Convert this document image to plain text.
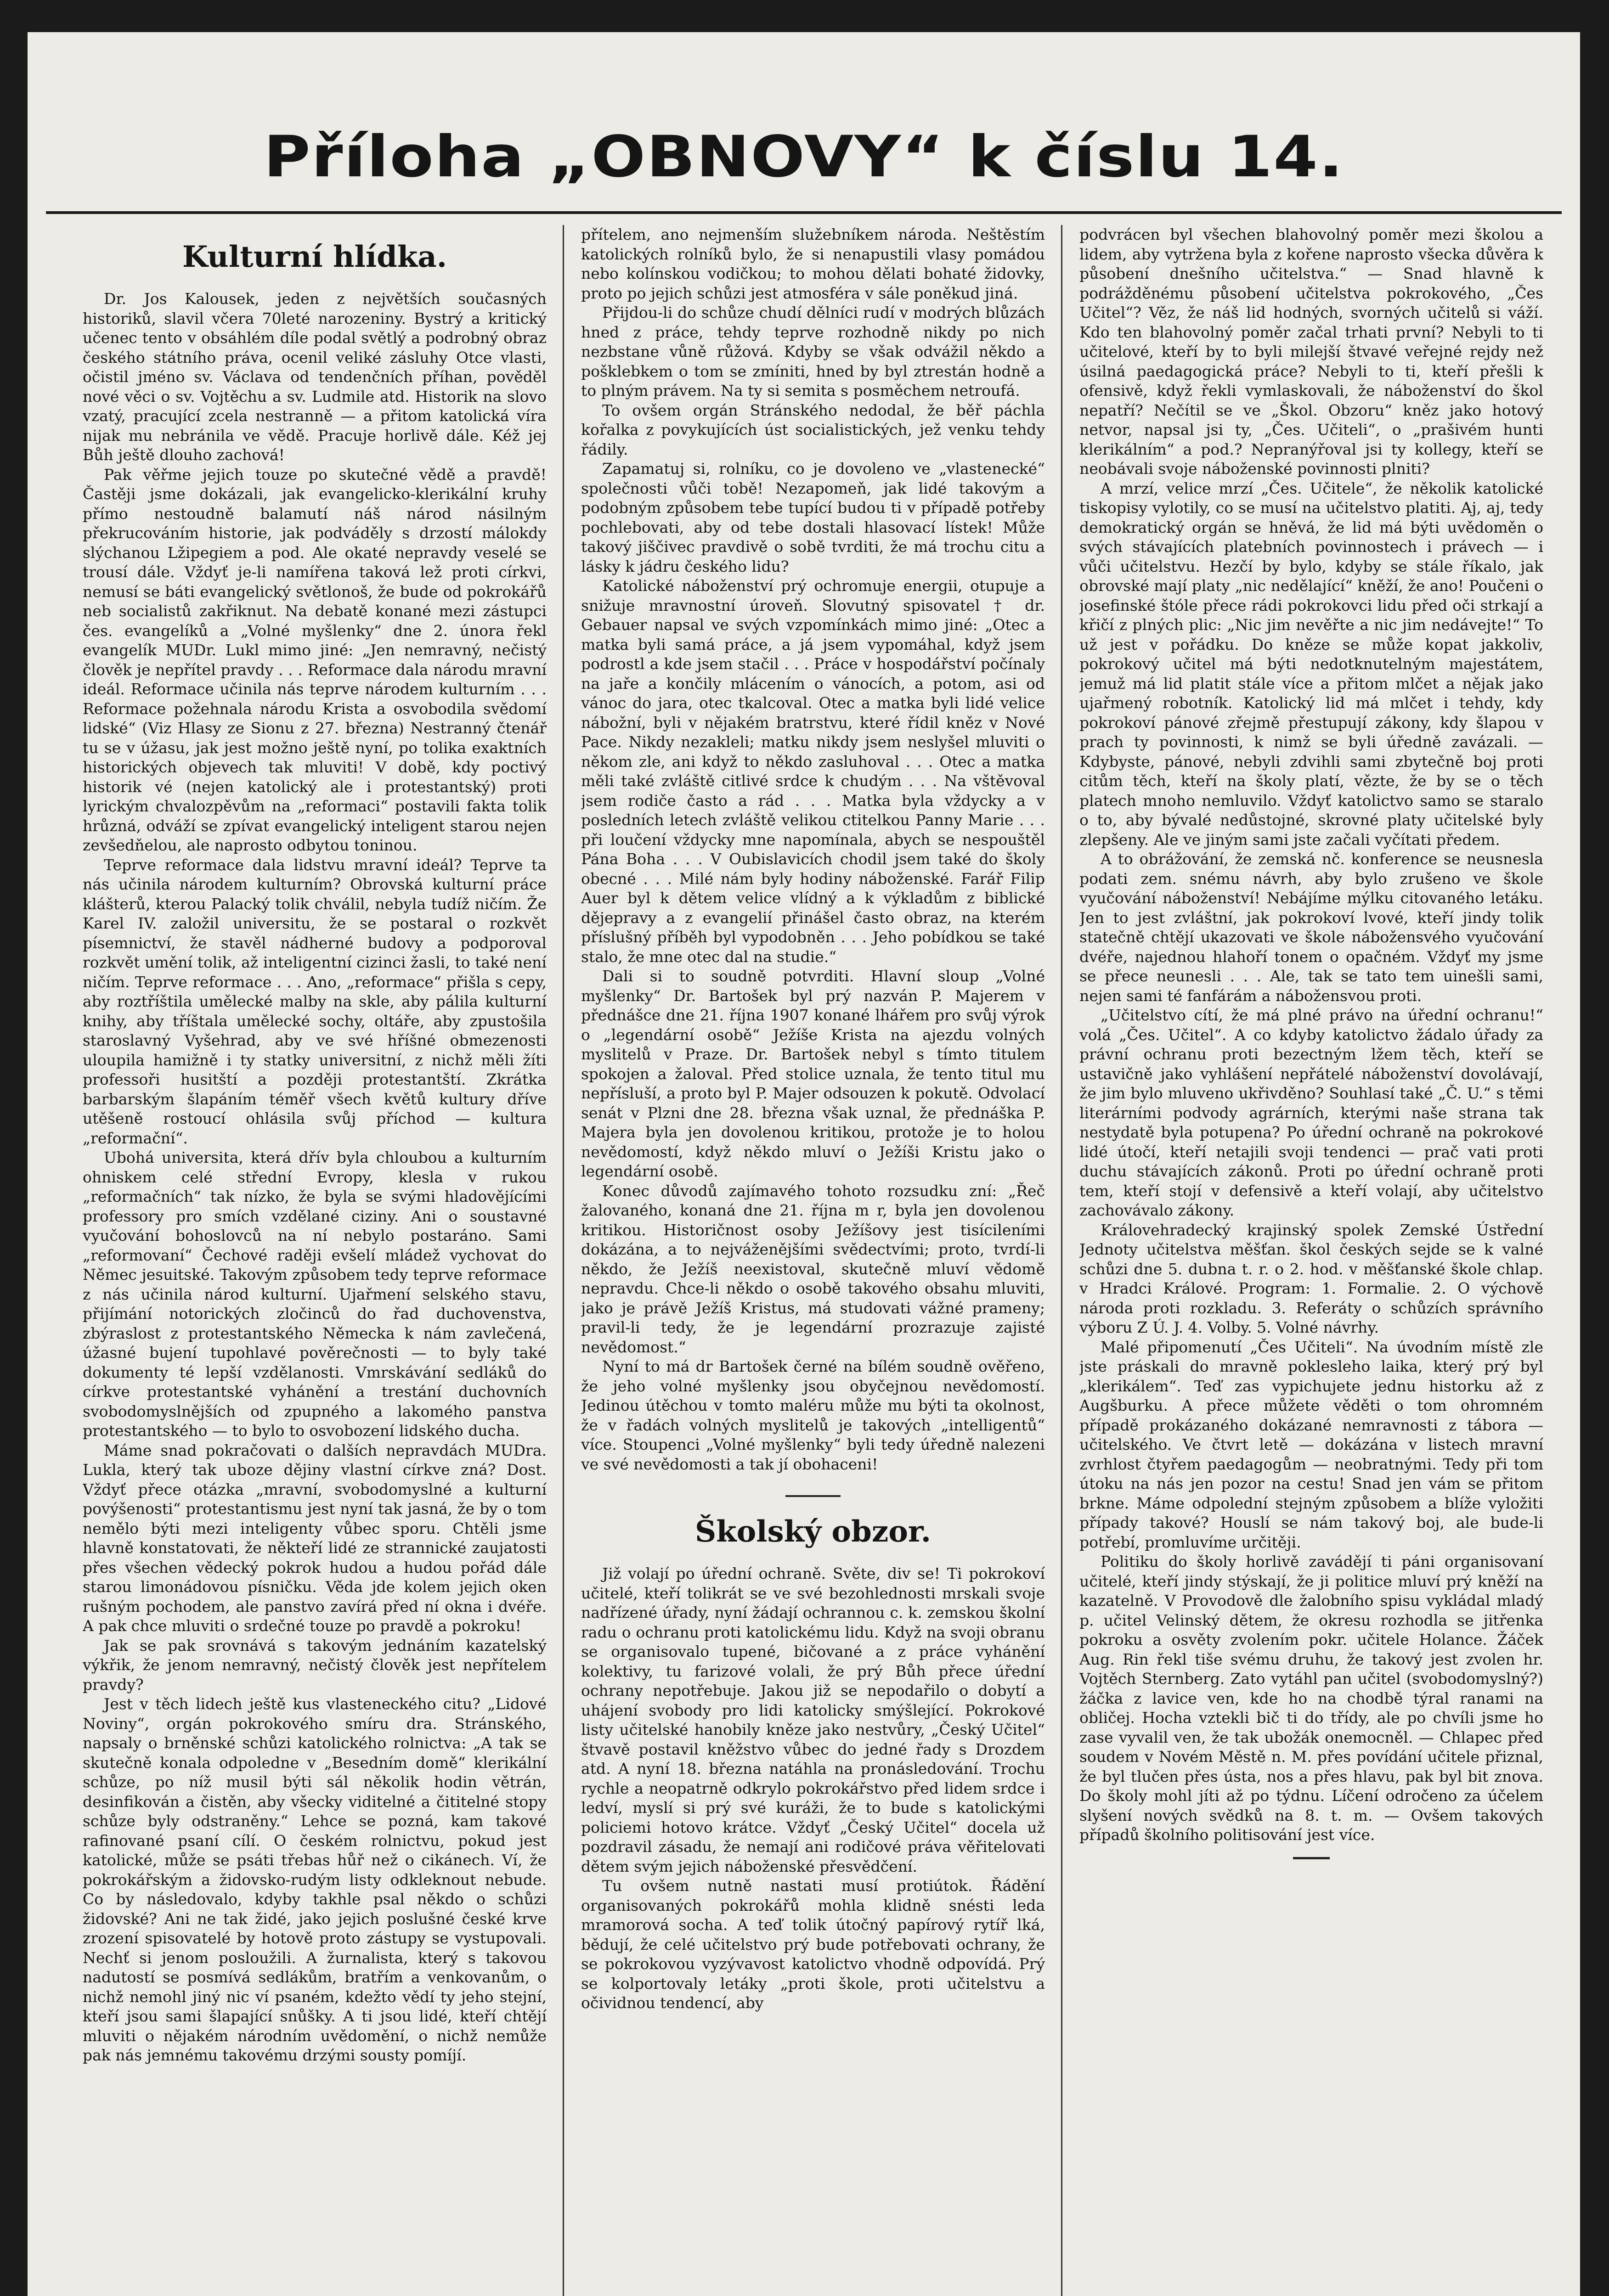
Příloha „OBNOVY“ k číslu 14.
Kulturní hlídka.

Dr. Jos Kalousek, jeden z největších současných historiků, slavil včera 70leté narozeniny. Bystrý a kritický učenec tento v obsáhlém díle podal světlý a podrobný obraz českého státního práva, ocenil veliké zásluhy Otce vlasti, očistil jméno sv. Václava od tendenčních příhan, pověděl nové věci o sv. Vojtěchu a sv. Ludmile atd. Historik na slovo vzatý, pracující zcela nestranně — a přitom katolická víra nijak mu nebránila ve vědě. Pracuje horlivě dále. Kéž jej Bůh ještě dlouho zachová!

Pak věřme jejich touze po skutečné vědě a pravdě! Častěji jsme dokázali, jak evangelicko-klerikální kruhy přímo nestoudně balamutí náš národ násilným překrucováním historie, jak podváděly s drzostí málokdy slýchanou Lžipegiem a pod. Ale okaté nepravdy veselé se trousí dále. Vždyť je-li namířena taková lež proti církvi, nemusí se báti evangelický světlonoš, že bude od pokrokářů neb socialistů zakřiknut. Na debatě konané mezi zástupci čes. evangelíků a „Volné myšlenky“ dne 2. února řekl evangelík MUDr. Lukl mimo jiné: „Jen nemravný, nečistý člověk je nepřítel pravdy . . . Reformace dala národu mravní ideál. Reformace učinila nás teprve národem kulturním . . . Reformace požehnala národu Krista a osvobodila svědomí lidské“ (Viz Hlasy ze Sionu z 27. března) Nestranný čtenář tu se v úžasu, jak jest možno ještě nyní, po tolika exaktních historických objevech tak mluviti! V době, kdy poctivý historik vé (nejen katolický ale i protestantský) proti lyrickým chvalozpěvům na „reformaci“ postavili fakta tolik hrůzná, odváží se zpívat evangelický inteligent starou nejen zevšedňelou, ale naprosto odbytou toninou.

Teprve reformace dala lidstvu mravní ideál? Teprve ta nás učinila národem kulturním? Obrovská kulturní práce klášterů, kterou Palacký tolik chválil, nebyla tudíž ničím. Že Karel IV. založil universitu, že se postaral o rozkvět písemnictví, že stavěl nádherné budovy a podporoval rozkvět umění tolik, až inteligentní cizinci žasli, to také není ničím. Teprve reformace . . . Ano, „reformace“ přišla s cepy, aby roztříštila umělecké malby na skle, aby pálila kulturní knihy, aby tříštala umělecké sochy, oltáře, aby zpustošila staroslavný Vyšehrad, aby ve své hříšné obmezenosti uloupila hamižně i ty statky universitní, z nichž měli žíti professoři husitští a později protestantští. Zkrátka barbarským šlapáním téměř všech květů kultury dříve utěšeně rostoucí ohlásila svůj příchod — kultura „reformační“.

Ubohá universita, která dřív byla chloubou a kulturním ohniskem celé střední Evropy, klesla v rukou „reformačních“ tak nízko, že byla se svými hladovějícími professory pro smích vzdělané ciziny. Ani o soustavné vyučování bohoslovců na ní nebylo postaráno. Sami „reformovaní“ Čechové raději evšelí mládež vychovat do Němec jesuitské. Takovým způsobem tedy teprve reformace z nás učinila národ kulturní. Ujařmení selského stavu, přijímání notorických zločinců do řad duchovenstva, zbýraslost z protestantského Německa k nám zavlečená, úžasné bujení tupohlavé pověrečnosti — to byly také dokumenty té lepší vzdělanosti. Vmrskávání sedláků do církve protestantské vyhánění a trestání duchovních svobodomyslnějších od zpupného a lakomého panstva protestantského — to bylo to osvobození lidského ducha.

Máme snad pokračovati o dalších nepravdách MUDra. Lukla, který tak uboze dějiny vlastní církve zná? Dost. Vždyť přece otázka „mravní, svobodomyslné a kulturní povýšenosti“ protestantismu jest nyní tak jasná, že by o tom nemělo býti mezi inteligenty vůbec sporu. Chtěli jsme hlavně konstatovati, že někteří lidé ze strannické zaujatosti přes všechen vědecký pokrok hudou a hudou pořád dále starou limonádovou písničku. Věda jde kolem jejich oken rušným pochodem, ale panstvo zavírá před ní okna i dvéře. A pak chce mluviti o srdečné touze po pravdě a pokroku!

Jak se pak srovnává s takovým jednáním kazatelský výkřik, že jenom nemravný, nečistý člověk jest nepřítelem pravdy?

Jest v těch lidech ještě kus vlasteneckého citu? „Lidové Noviny“, orgán pokrokového smíru dra. Stránského, napsaly o brněnské schůzi katolického rolnictva: „A tak se skutečně konala odpoledne v „Besedním domě“ klerikální schůze, po níž musil býti sál několik hodin větrán, desinfikován a čistěn, aby všecky viditelné a čititelné stopy schůze byly odstraněny.“ Lehce se pozná, kam takové rafinované psaní cílí. O českém rolnictvu, pokud jest katolické, může se psáti třebas hůř než o cikánech. Ví, že pokrokářským a židovsko-rudým listy odkleknout nebude. Co by následovalo, kdyby takhle psal někdo o schůzi židovské? Ani ne tak židé, jako jejich poslušné české krve zrození spisovatelé by hotově proto zástupy se vystupovali. Nechť si jenom posloužili. A žurnalista, který s takovou nadutostí se posmívá sedlákům, bratřím a venkovanům, o nichž nemohl jiný nic ví psaném, kdežto vědí ty jeho stejní, kteří jsou sami šlapající snůšky. A ti jsou lidé, kteří chtějí mluviti o nějakém národním uvědomění, o nichž nemůže pak nás jemnému takovému drzými sousty pomíjí.

přítelem, ano nejmenším služebníkem národa. Neštěstím katolických rolníků bylo, že si nenapustili vlasy pomádou nebo kolínskou vodičkou; to mohou dělati bohaté židovky, proto po jejich schůzi jest atmosféra v sále poněkud jiná.

Přijdou-li do schůze chudí dělníci rudí v modrých blůzách hned z práce, tehdy teprve rozhodně nikdy po nich nezbstane vůně růžová. Kdyby se však odvážil někdo a pošklebkem o tom se zmíniti, hned by byl ztrestán hodně a to plným právem. Na ty si semita s posměchem netroufá.

To ovšem orgán Stránského nedodal, že běř páchla kořalka z povykujících úst socialistických, jež venku tehdy řádily.

Zapamatuj si, rolníku, co je dovoleno ve „vlastenecké“ společnosti vůči tobě! Nezapomeň, jak lidé takovým a podobným způsobem tebe tupící budou ti v případě potřeby pochlebovati, aby od tebe dostali hlasovací lístek! Může takový jiščivec pravdivě o sobě tvrditi, že má trochu citu a lásky k jádru českého lidu?

Katolické náboženství prý ochromuje energii, otupuje a snižuje mravnostní úroveň. Slovutný spisovatel † dr. Gebauer napsal ve svých vzpomínkách mimo jiné: „Otec a matka byli samá práce, a já jsem vypomáhal, když jsem podrostl a kde jsem stačil . . . Práce v hospodářství počínaly na jaře a končily mlácením o vánocích, a potom, asi od vánoc do jara, otec tkalcoval. Otec a matka byli lidé velice nábožní, byli v nějakém bratrstvu, které řídil kněz v Nové Pace. Nikdy nezakleli; matku nikdy jsem neslyšel mluviti o někom zle, ani když to někdo zasluhoval . . . Otec a matka měli také zvláště citlivé srdce k chudým . . . Na vštěvoval jsem rodiče často a rád . . . Matka byla vždycky a v posledních letech zvláště velikou ctitelkou Panny Marie . . . při loučení vždycky mne napomínala, abych se nespouštěl Pána Boha . . . V Oubislavicích chodil jsem také do školy obecné . . . Milé nám byly hodiny náboženské. Farář Filip Auer byl k dětem velice vlídný a k výkladům z biblické dějepravy a z evangelií přinášel často obraz, na kterém příslušný příběh byl vypodobněn . . . Jeho pobídkou se také stalo, že mne otec dal na studie.“

Dali si to soudně potvrditi. Hlavní sloup „Volné myšlenky“ Dr. Bartošek byl prý nazván P. Majerem v přednášce dne 21. října 1907 konané lhářem pro svůj výrok o „legendární osobě“ Ježíše Krista na ajezdu volných myslitelů v Praze. Dr. Bartošek nebyl s tímto titulem spokojen a žaloval. Před stolice uznala, že tento titul mu nepřísluší, a proto byl P. Majer odsouzen k pokutě. Odvolací senát v Plzni dne 28. března však uznal, že přednáška P. Majera byla jen dovolenou kritikou, protože je to holou nevědomostí, když někdo mluví o Ježíši Kristu jako o legendární osobě.

Konec důvodů zajímavého tohoto rozsudku zní: „Řeč žalovaného, konaná dne 21. října m r, byla jen dovolenou kritikou. Historičnost osoby Ježíšovy jest tisícileními dokázána, a to nejváženějšími svědectvími; proto, tvrdí-li někdo, že Ježíš neexistoval, skutečně mluví vědomě nepravdu. Chce-li někdo o osobě takového obsahu mluviti, jako je právě Ježíš Kristus, má studovati vážné prameny; pravil-li tedy, že je legendární prozrazuje zajisté nevědomost.“

Nyní to má dr Bartošek černé na bílém soudně ověřeno, že jeho volné myšlenky jsou obyčejnou nevědomostí. Jedinou útěchou v tomto maléru může mu býti ta okolnost, že v řadách volných myslitelů je takových „intelligentů“ více. Stoupenci „Volné myšlenky“ byli tedy úředně nalezeni ve své nevědomosti a tak jí obohaceni!

Školský obzor.

Již volají po úřední ochraně. Světe, div se! Ti pokrokoví učitelé, kteří tolikrát se ve své bezohlednosti mrskali svoje nadřízené úřady, nyní žádají ochrannou c. k. zemskou školní radu o ochranu proti katolickému lidu. Když na svoji obranu se organisovalo tupené, bičované a z práce vyhánění kolektivy, tu farizové volali, že prý Bůh přece úřední ochrany nepotřebuje. Jakou již se nepodařilo o dobytí a uhájení svobody pro lidi katolicky smýšlející. Pokrokové listy učitelské hanobily kněze jako nestvůry, „Český Učitel“ štvavě postavil kněžstvo vůbec do jedné řady s Drozdem atd. A nyní 18. března natáhla na pronásledování. Trochu rychle a neopatrně odkrylo pokrokářstvo před lidem srdce i ledví, myslí si prý své kuráži, že to bude s katolickými policiemi hotovo krátce. Vždyť „Český Učitel“ docela už pozdravil zásadu, že nemají ani rodičové práva věřitelovati dětem svým jejich náboženské přesvědčení.

Tu ovšem nutně nastati musí protiútok. Řádění organisovaných pokrokářů mohla klidně snésti leda mramorová socha. A teď tolik útočný papírový rytíř lká, bědují, že celé učitelstvo prý bude potřebovati ochrany, že se pokrokovou vyzývavost katolictvo vhodně odpovídá. Prý se kolportovaly letáky „proti škole, proti učitelstvu a očividnou tendencí, aby

podvrácen byl všechen blahovolný poměr mezi školou a lidem, aby vytržena byla z kořene naprosto všecka důvěra k působení dnešního učitelstva.“ — Snad hlavně k podrážděnému působení učitelstva pokrokového, „Čes Učitel“? Věz, že náš lid hodných, svorných učitelů si váží. Kdo ten blahovolný poměr začal trhati první? Nebyli to ti učitelové, kteří by to byli milejší štvavé veřejné rejdy než úsilná paedagogická práce? Nebyli to ti, kteří přešli k ofensivě, když řekli vymlaskovali, že náboženství do škol nepatří? Nečítil se ve „Škol. Obzoru“ kněz jako hotový netvor, napsal jsi ty, „Čes. Učiteli“, o „prašivém hunti klerikálním“ a pod.? Nepranýřoval jsi ty kollegy, kteří se neobávali svoje náboženské povinnosti plniti?

A mrzí, velice mrzí „Čes. Učitele“, že několik katolické tiskopisy vylotily, co se musí na učitelstvo platiti. Aj, aj, tedy demokratický orgán se hněvá, že lid má býti uvědoměn o svých stávajících platebních povinnostech i právech — i vůči učitelstvu. Hezčí by bylo, kdyby se stále říkalo, jak obrovské mají platy „nic nedělající“ kněží, že ano! Poučeni o josefinské štóle přece rádi pokrokovci lidu před oči strkají a křičí z plných plic: „Nic jim nevěřte a nic jim nedávejte!“ To už jest v pořádku. Do kněze se může kopat jakkoliv, pokrokový učitel má býti nedotknutelným majestátem, jemuž má lid platit stále více a přitom mlčet a nějak jako ujařmený robotník. Katolický lid má mlčet i tehdy, kdy pokrokoví pánové zřejmě přestupují zákony, kdy šlapou v prach ty povinnosti, k nimž se byli úředně zavázali. — Kdybyste, pánové, nebyli zdvihli sami zbytečně boj proti citům těch, kteří na školy platí, vězte, že by se o těch platech mnoho nemluvilo. Vždyť katolictvo samo se staralo o to, aby bývalé nedůstojné, skrovné platy učitelské byly zlepšeny. Ale ve jiným sami jste začali vyčítati předem.

A to obrážování, že zemská nč. konference se neusnesla podati zem. snému návrh, aby bylo zrušeno ve škole vyučování náboženství! Nebájíme mýlku citovaného letáku. Jen to jest zvláštní, jak pokrokoví lvové, kteří jindy tolik statečně chtějí ukazovati ve škole nábožensvého vyučování dvéře, najednou hlahoří tonem o opačném. Vždyť my jsme se přece neunesli . . . Ale, tak se tato tem uinešli sami, nejen sami té fanfárám a nábožensvou proti.

„Učitelstvo cítí, že má plné právo na úřední ochranu!“ volá „Čes. Učitel“. A co kdyby katolictvo žádalo úřady za právní ochranu proti bezectným lžem těch, kteří se ustavičně jako vyhlášení nepřátelé náboženství dovolávají, že jim bylo mluveno ukřivděno? Souhlasí také „Č. U.“ s těmi literárními podvody agrárních, kterými naše strana tak nestydatě byla potupena? Po úřední ochraně na pokrokové lidé útočí, kteří netajili svoji tendenci — prač vati proti duchu stávajících zákonů. Proti po úřední ochraně proti tem, kteří stojí v defensivě a kteří volají, aby učitelstvo zachovávalo zákony.

Královehradecký krajinský spolek Zemské Ústřední Jednoty učitelstva měšťan. škol českých sejde se k valné schůzi dne 5. dubna t. r. o 2. hod. v měšťanské škole chlap. v Hradci Králové. Program: 1. Formalie. 2. O výchově národa proti rozkladu. 3. Referáty o schůzích správního výboru Z Ú. J. 4. Volby. 5. Volné návrhy.

Malé připomenutí „Čes Učiteli“. Na úvodním místě zle jste práskali do mravně poklesleho laika, který prý byl „klerikálem“. Teď zas vypichujete jednu historku až z Augšburku. A přece můžete věděti o tom ohromném případě prokázaného dokázané nemravnosti z tábora — učitelského. Ve čtvrt letě — dokázána v listech mravní zvrhlost čtyřem paedagogům — neobratnými. Tedy při tom útoku na nás jen pozor na cestu! Snad jen vám se přitom brkne. Máme odpolední stejným způsobem a blíže vyložiti případy takové? Houslí se nám takový boj, ale bude-li potřebí, promluvíme určitěji.

Politiku do školy horlivě zavádějí ti páni organisovaní učitelé, kteří jindy stýskají, že ji politice mluví prý kněží na kazatelně. V Provodově dle žalobního spisu vykládal mladý p. učitel Velinský dětem, že okresu rozhodla se jitřenka pokroku a osvěty zvolením pokr. učitele Holance. Žáček Aug. Rin řekl tiše svému druhu, že takový jest zvolen hr. Vojtěch Sternberg. Zato vytáhl pan učitel (svobodomyslný?) žáčka z lavice ven, kde ho na chodbě týral ranami na obličej. Hocha vztekli bič ti do třídy, ale po chvíli jsme ho zase vyvalil ven, že tak ubožák onemocněl. — Chlapec před soudem v Novém Městě n. M. přes povídání učitele přiznal, že byl tlučen přes ústa, nos a přes hlavu, pak byl bit znova. Do školy mohl jíti až po týdnu. Líčení odročeno za účelem slyšení nových svědků na 8. t. m. — Ovšem takových případů školního politisování jest více.
